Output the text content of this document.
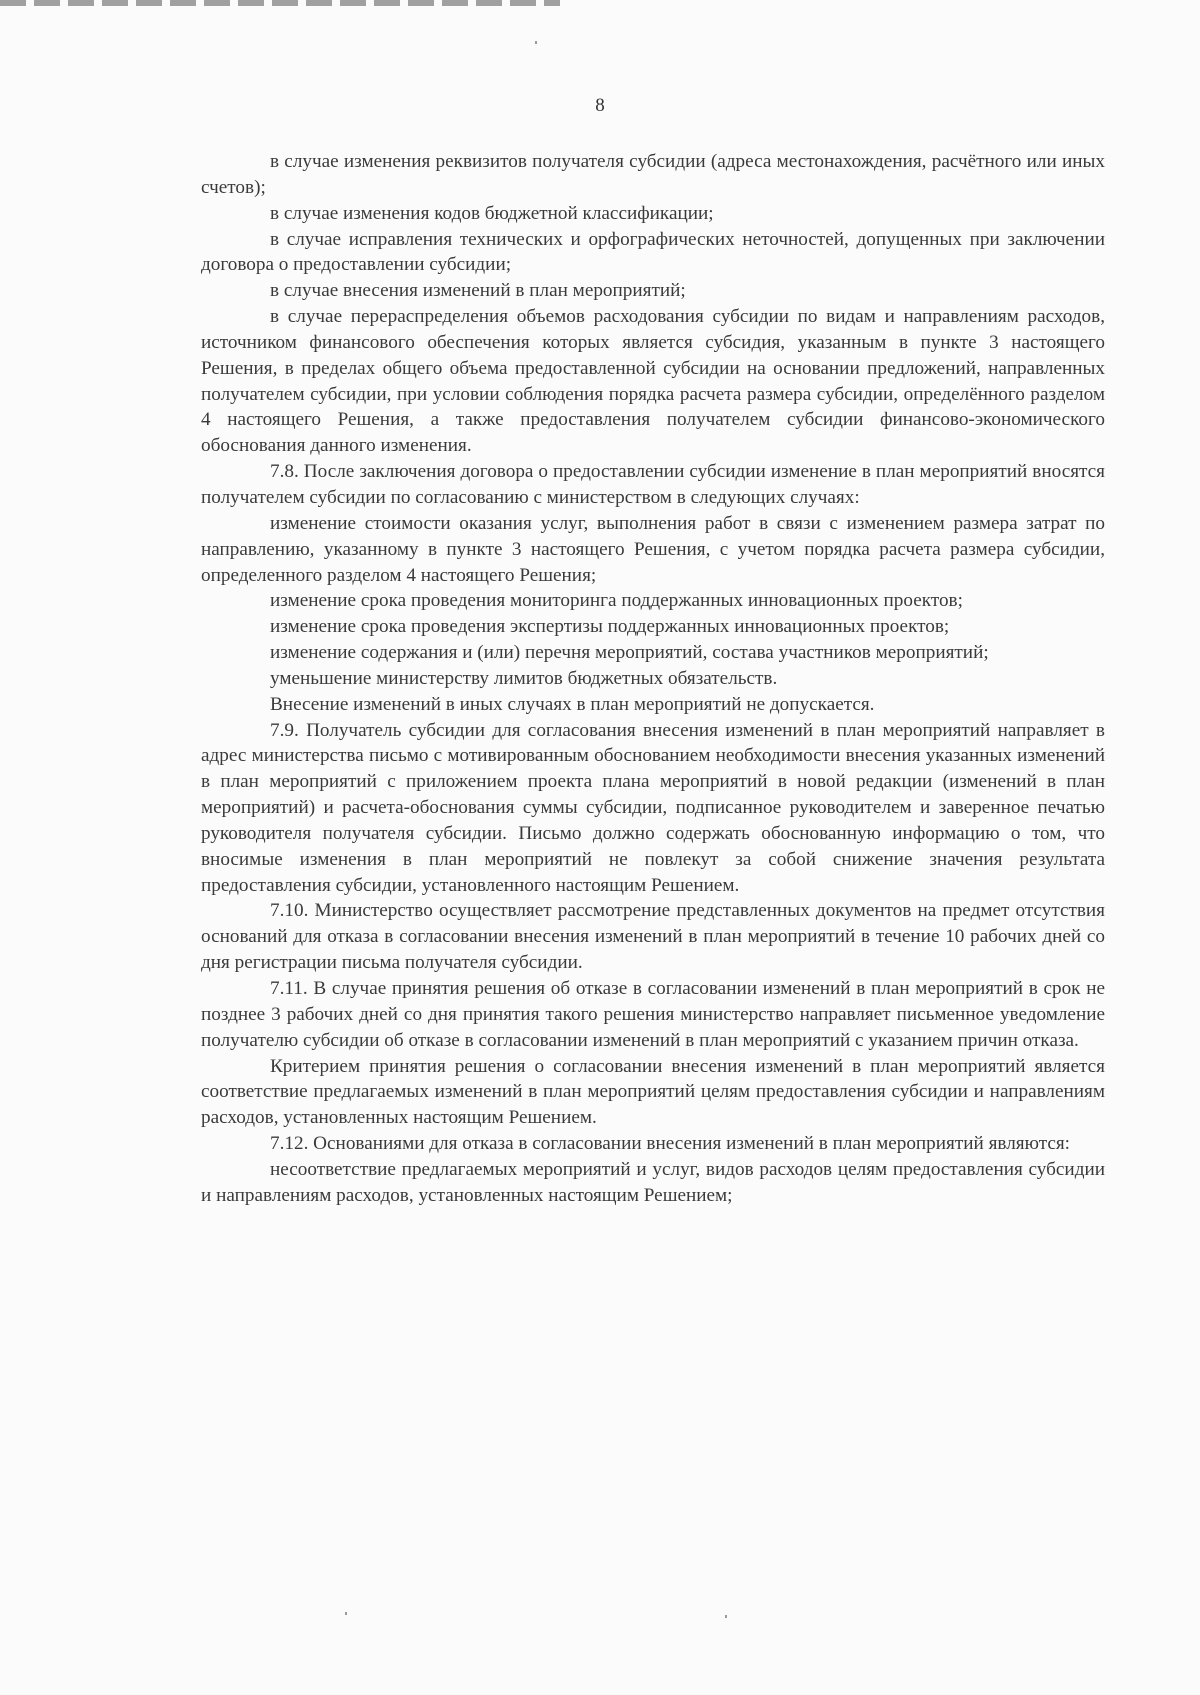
8

в случае изменения реквизитов получателя субсидии (адреса местонахождения, расчётного или иных счетов);

в случае изменения кодов бюджетной классификации;

в случае исправления технических и орфографических неточностей, допущенных при заключении договора о предоставлении субсидии;

в случае внесения изменений в план мероприятий;

в случае перераспределения объемов расходования субсидии по видам и направлениям расходов, источником финансового обеспечения которых является субсидия, указанным в пункте 3 настоящего Решения, в пределах общего объема предоставленной субсидии на основании предложений, направленных получателем субсидии, при условии соблюдения порядка расчета размера субсидии, определённого разделом 4 настоящего Решения, а также предоставления получателем субсидии финансово-экономического обоснования данного изменения.

7.8. После заключения договора о предоставлении субсидии изменение в план мероприятий вносятся получателем субсидии по согласованию с министерством в следующих случаях:

изменение стоимости оказания услуг, выполнения работ в связи с изменением размера затрат по направлению, указанному в пункте 3 настоящего Решения, с учетом порядка расчета размера субсидии, определенного разделом 4 настоящего Решения;

изменение срока проведения мониторинга поддержанных инновационных проектов;

изменение срока проведения экспертизы поддержанных инновационных проектов;

изменение содержания и (или) перечня мероприятий, состава участников мероприятий;

уменьшение министерству лимитов бюджетных обязательств.

Внесение изменений в иных случаях в план мероприятий не допускается.

7.9. Получатель субсидии для согласования внесения изменений в план мероприятий направляет в адрес министерства письмо с мотивированным обоснованием необходимости внесения указанных изменений в план мероприятий с приложением проекта плана мероприятий в новой редакции (изменений в план мероприятий) и расчета-обоснования суммы субсидии, подписанное руководителем и заверенное печатью руководителя получателя субсидии. Письмо должно содержать обоснованную информацию о том, что вносимые изменения в план мероприятий не повлекут за собой снижение значения результата предоставления субсидии, установленного настоящим Решением.

7.10. Министерство осуществляет рассмотрение представленных документов на предмет отсутствия оснований для отказа в согласовании внесения изменений в план мероприятий в течение 10 рабочих дней со дня регистрации письма получателя субсидии.

7.11. В случае принятия решения об отказе в согласовании изменений в план мероприятий в срок не позднее 3 рабочих дней со дня принятия такого решения министерство направляет письменное уведомление получателю субсидии об отказе в согласовании изменений в план мероприятий с указанием причин отказа.

Критерием принятия решения о согласовании внесения изменений в план мероприятий является соответствие предлагаемых изменений в план мероприятий целям предоставления субсидии и направлениям расходов, установленных настоящим Решением.

7.12. Основаниями для отказа в согласовании внесения изменений в план мероприятий являются:

несоответствие предлагаемых мероприятий и услуг, видов расходов целям предоставления субсидии и направлениям расходов, установленных настоящим Решением;
